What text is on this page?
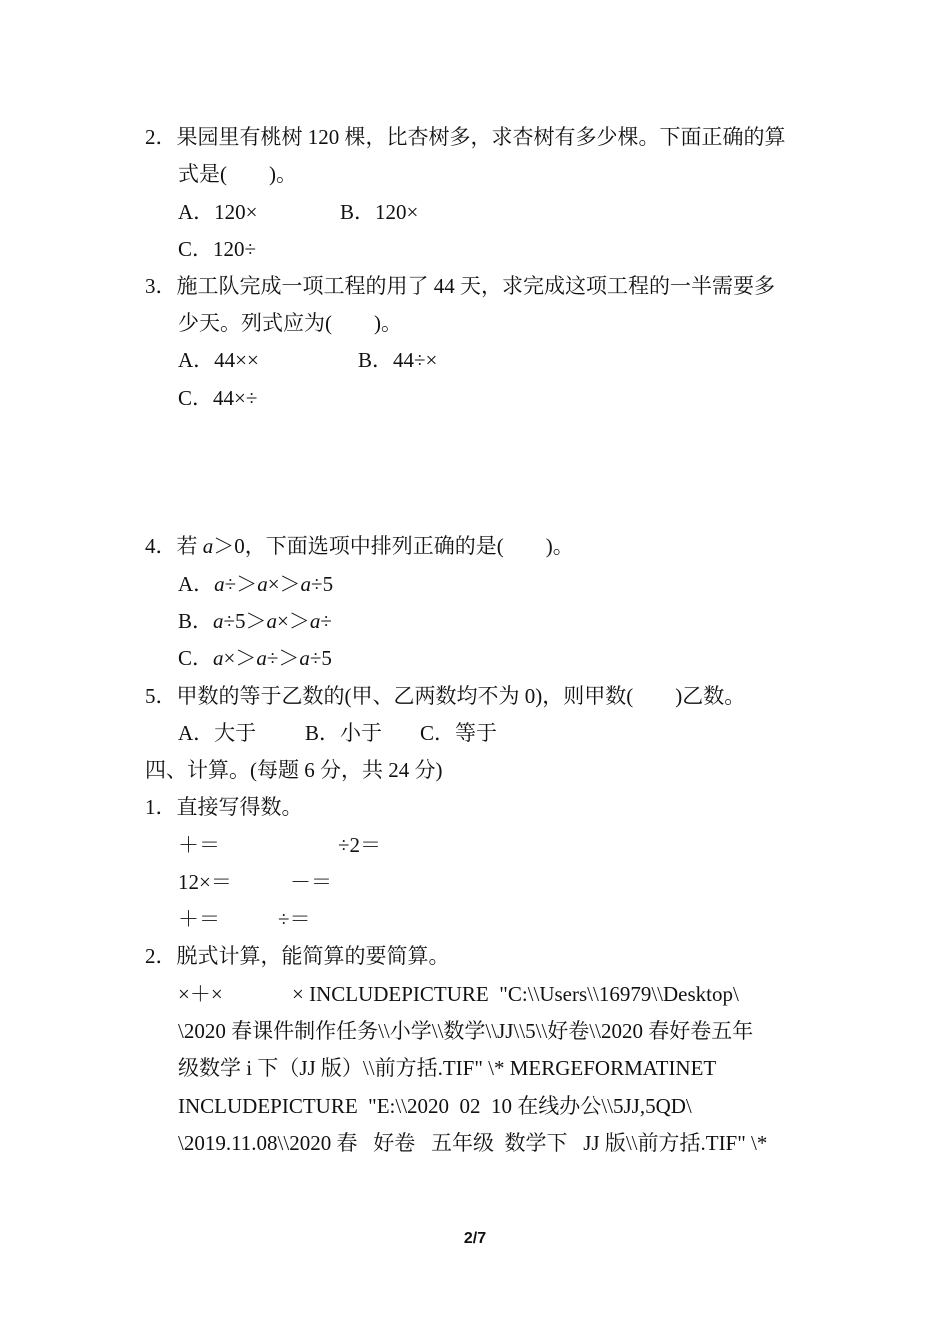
2．果园里有桃树 120 棵，比杏树多，求杏树有多少棵。下面正确的算
式是(　　)。
A．120×	B．120×
C．120÷
3．施工队完成一项工程的用了 44 天，求完成这项工程的一半需要多
少天。列式应为(　　)。
A．44××	B．44÷×
C．44×÷
4．若 a＞0，下面选项中排列正确的是(　　)。
A．a÷＞a×＞a÷5
B．a÷5＞a×＞a÷
C．a×＞a÷＞a÷5
5．甲数的等于乙数的(甲、乙两数均不为 0)，则甲数(　　)乙数。
A．大于 B．小于 C．等于
四、计算。(每题 6 分，共 24 分)
1．直接写得数。
＋＝	÷2＝
12×＝	－＝
＋＝	÷＝
2．脱式计算，能简算的要简算。
×＋×	× INCLUDEPICTURE  "C:\\Users\\16979\\Desktop\
\2020 春课件制作任务\\小学\\数学\\JJ\\5\\好卷\\2020 春好卷五年
级数学 i 下（JJ 版）\\前方括.TIF" \* MERGEFORMATINET
INCLUDEPICTURE  "E:\\2020  02  10 在线办公\\5JJ,5QD\
\2019.11.08\\2020 春   好卷   五年级  数学下   JJ 版\\前方括.TIF" \*
2/7
